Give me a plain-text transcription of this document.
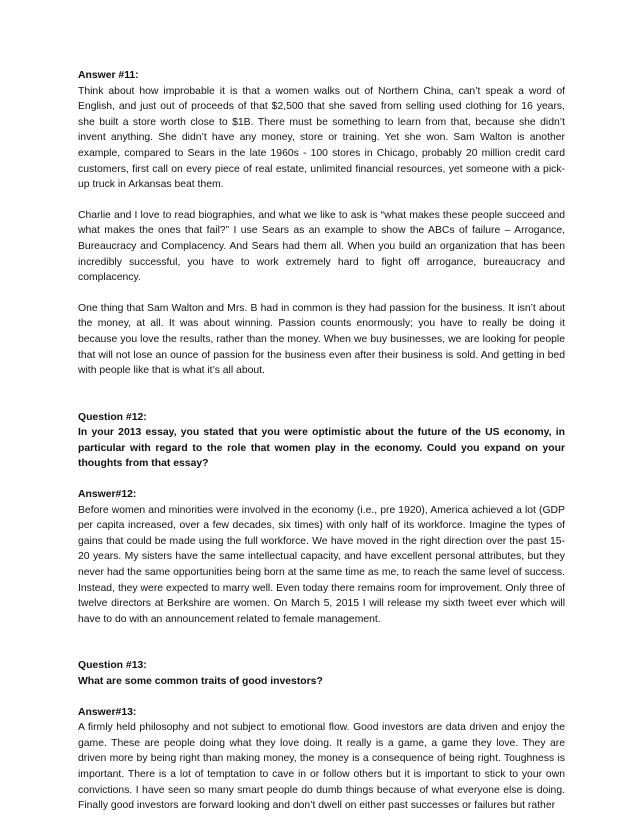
Answer #11:

Think about how improbable it is that a women walks out of Northern China, can’t speak a word of English, and just out of proceeds of that $2,500 that she saved from selling used clothing for 16 years, she built a store worth close to $1B. There must be something to learn from that, because she didn’t invent anything. She didn’t have any money, store or training. Yet she won. Sam Walton is another example, compared to Sears in the late 1960s - 100 stores in Chicago, probably 20 million credit card customers, first call on every piece of real estate, unlimited financial resources, yet someone with a pick-up truck in Arkansas beat them.

Charlie and I love to read biographies, and what we like to ask is “what makes these people succeed and what makes the ones that fail?” I use Sears as an example to show the ABCs of failure – Arrogance, Bureaucracy and Complacency. And Sears had them all. When you build an organization that has been incredibly successful, you have to work extremely hard to fight off arrogance, bureaucracy and complacency.

One thing that Sam Walton and Mrs. B had in common is they had passion for the business. It isn’t about the money, at all. It was about winning. Passion counts enormously; you have to really be doing it because you love the results, rather than the money. When we buy businesses, we are looking for people that will not lose an ounce of passion for the business even after their business is sold. And getting in bed with people like that is what it’s all about.

Question #12:

In your 2013 essay, you stated that you were optimistic about the future of the US economy, in particular with regard to the role that women play in the economy. Could you expand on your thoughts from that essay?

Answer#12:

Before women and minorities were involved in the economy (i.e., pre 1920), America achieved a lot (GDP per capita increased, over a few decades, six times) with only half of its workforce. Imagine the types of gains that could be made using the full workforce. We have moved in the right direction over the past 15-20 years. My sisters have the same intellectual capacity, and have excellent personal attributes, but they never had the same opportunities being born at the same time as me, to reach the same level of success. Instead, they were expected to marry well. Even today there remains room for improvement. Only three of twelve directors at Berkshire are women. On March 5, 2015 I will release my sixth tweet ever which will have to do with an announcement related to female management.

Question #13:

What are some common traits of good investors?

Answer#13:

A firmly held philosophy and not subject to emotional flow. Good investors are data driven and enjoy the game. These are people doing what they love doing. It really is a game, a game they love. They are driven more by being right than making money, the money is a consequence of being right. Toughness is important. There is a lot of temptation to cave in or follow others but it is important to stick to your own convictions. I have seen so many smart people do dumb things because of what everyone else is doing. Finally good investors are forward looking and don’t dwell on either past successes or failures but rather
